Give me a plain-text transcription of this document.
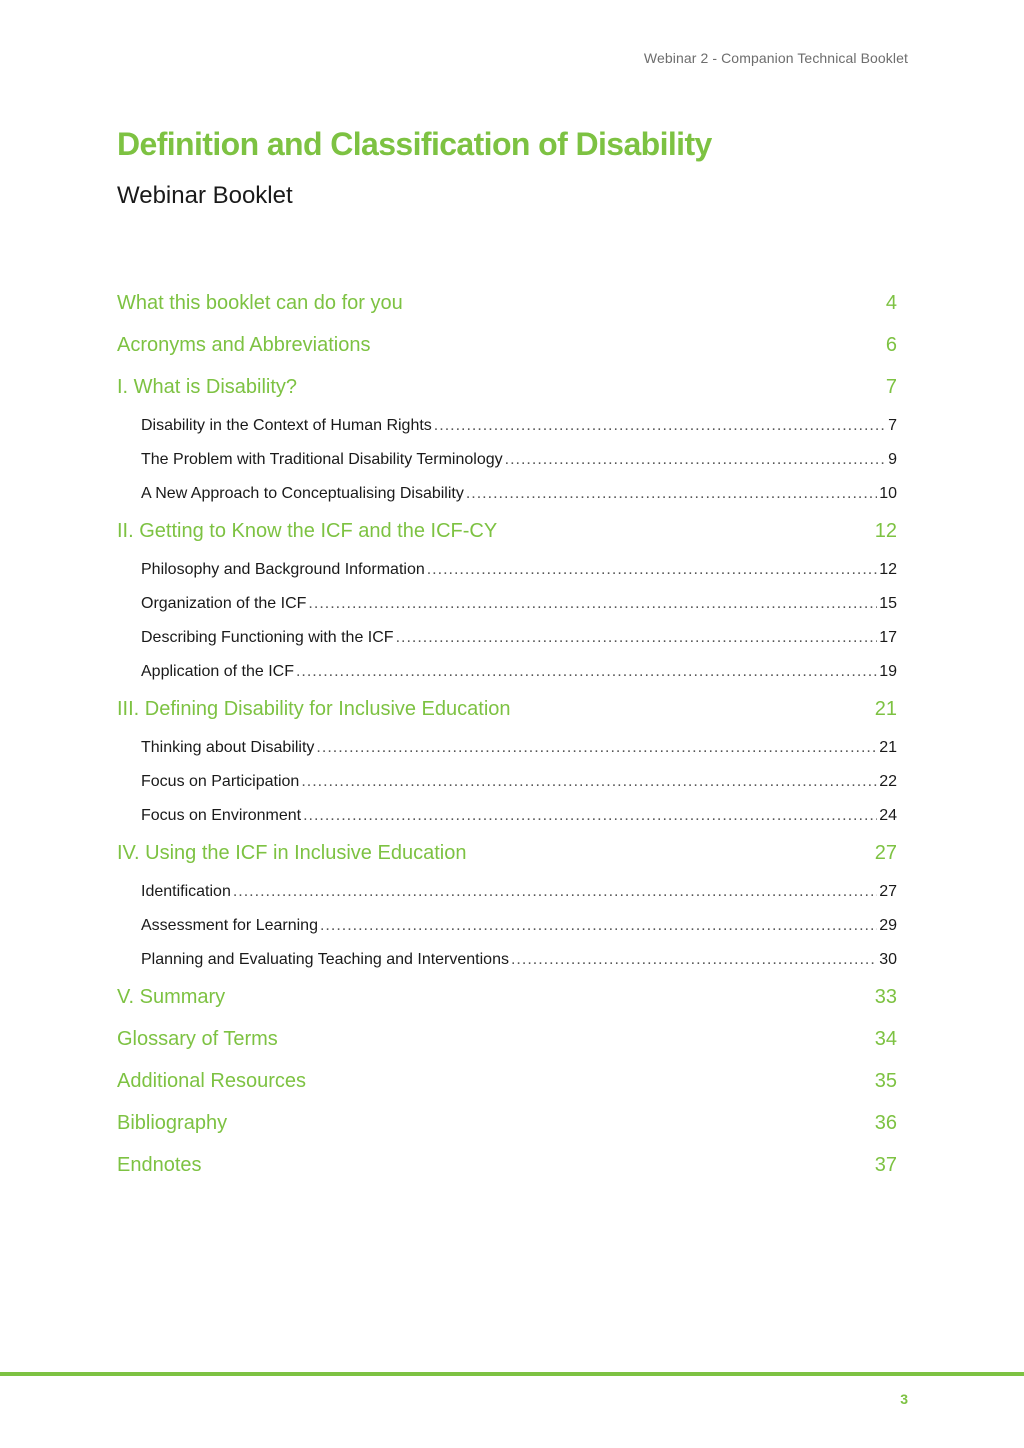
Webinar 2 - Companion Technical Booklet
Definition and Classification of Disability
Webinar Booklet
What this booklet can do for you	4
Acronyms and Abbreviations	6
I. What is Disability?	7
Disability in the Context of Human Rights .....	7
The Problem with Traditional Disability Terminology .....	9
A New Approach to Conceptualising Disability .....	10
II. Getting to Know the ICF and the ICF-CY	12
Philosophy and Background Information .....	12
Organization of the ICF .....	15
Describing Functioning with the ICF .....	17
Application of the ICF .....	19
III. Defining Disability for Inclusive Education	21
Thinking about Disability .....	21
Focus on Participation .....	22
Focus on Environment .....	24
IV. Using the ICF in Inclusive Education	27
Identification .....	27
Assessment for Learning .....	29
Planning and Evaluating Teaching and Interventions .....	30
V. Summary	33
Glossary of Terms	34
Additional Resources	35
Bibliography	36
Endnotes	37
3
